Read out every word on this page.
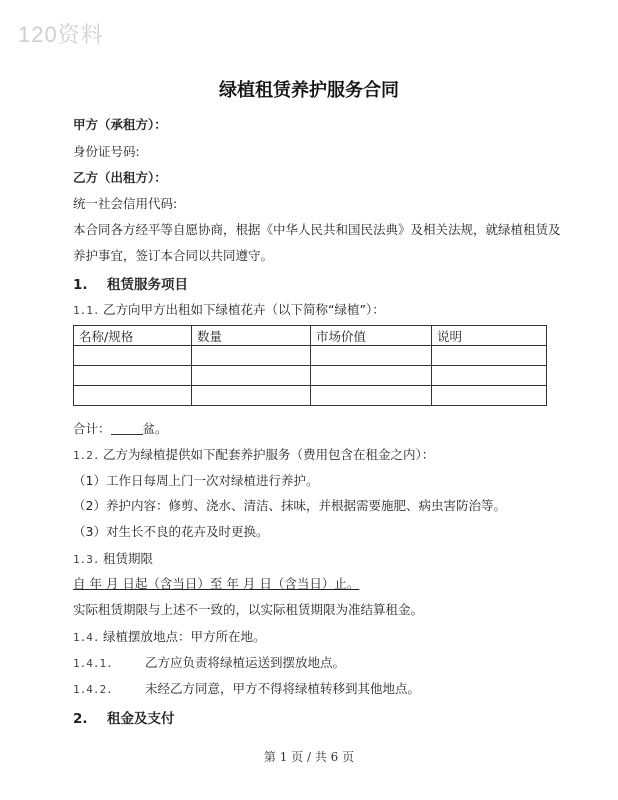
120资料
绿植租赁养护服务合同
甲方（承租方）：
身份证号码:
乙方（出租方）：
统一社会信用代码:
本合同各方经平等自愿协商，根据《中华人民共和国民法典》及相关法规，就绿植租赁及
养护事宜，签订本合同以共同遵守。
1. 租赁服务项目
1.1. 乙方向甲方出租如下绿植花卉（以下简称“绿植”）：
名称/规格	数量	市场价值	说明

合计：	盆。
1.2. 乙方为绿植提供如下配套养护服务（费用包含在租金之内）：
（1）工作日每周上门一次对绿植进行养护。
（2）养护内容：修剪、浇水、清洁、抹味，并根据需要施肥、病虫害防治等。
（3）对生长不良的花卉及时更换。
1.3. 租赁期限
自 年 月 日起（含当日）至 年 月 日（含当日）止。
实际租赁期限与上述不一致的，以实际租赁期限为准结算租金。
1.4. 绿植摆放地点：甲方所在地。
1.4.1.	乙方应负责将绿植运送到摆放地点。
1.4.2.	未经乙方同意，甲方不得将绿植转移到其他地点。
2. 租金及支付
第 1 页 / 共 6 页
